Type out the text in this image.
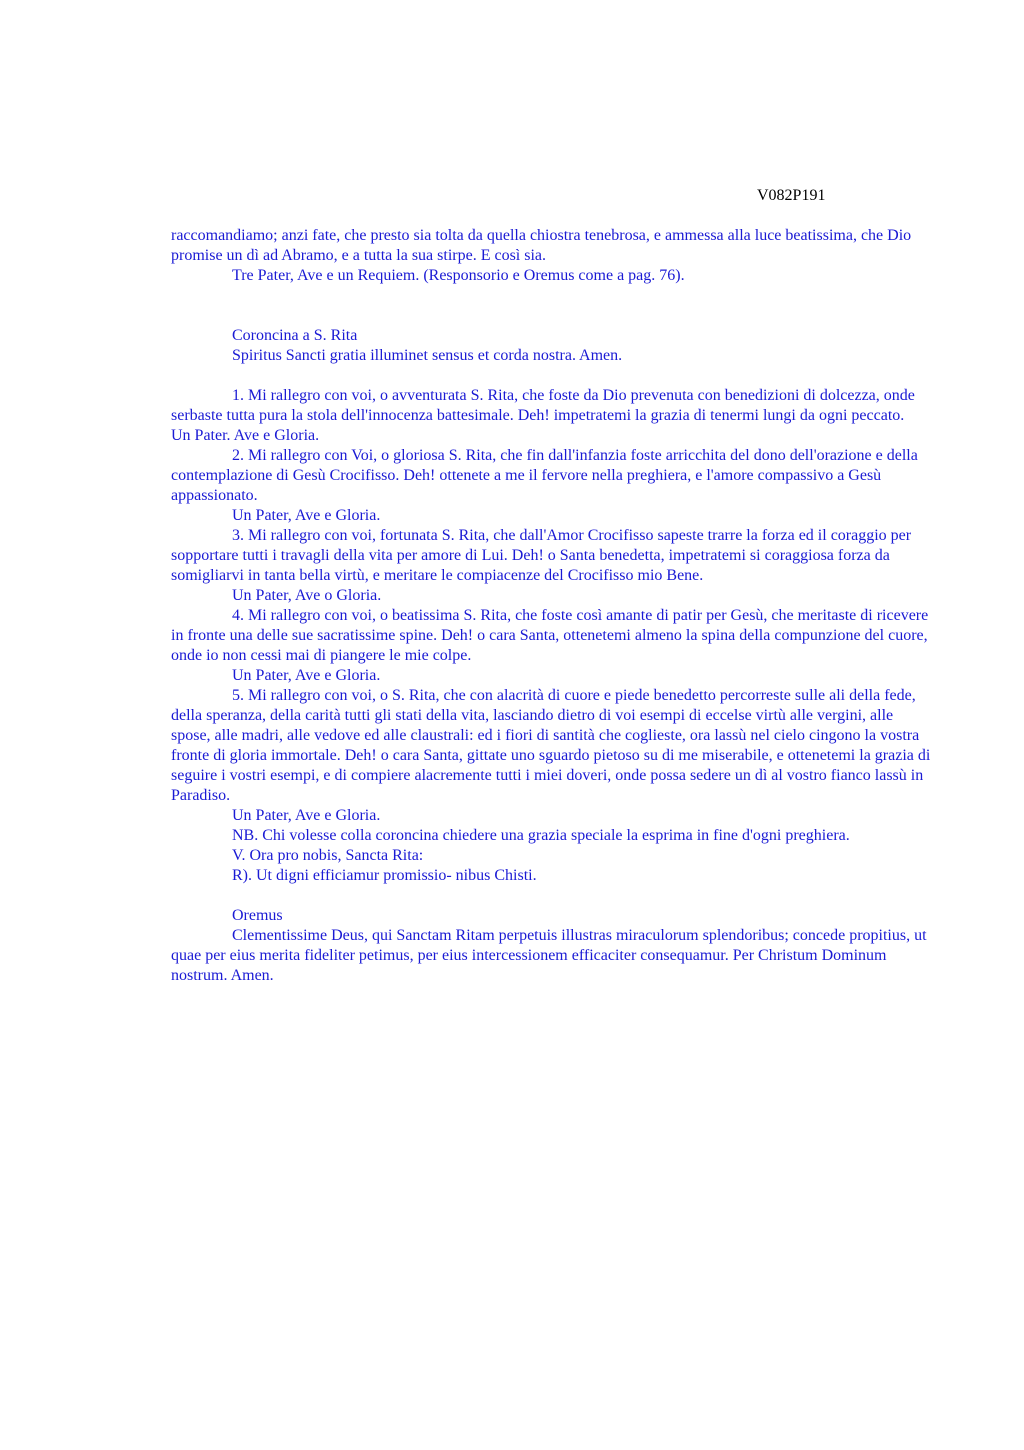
V082P191

raccomandiamo; anzi fate, che presto sia tolta da quella chiostra tenebrosa, e ammessa alla luce beatissima, che Dio promise un dì ad Abramo, e a tutta la sua stirpe. E così sia.

Tre Pater, Ave e un Requiem. (Responsorio e Oremus come a pag. 76).

Coroncina a S. Rita

Spiritus Sancti gratia illuminet sensus et corda nostra. Amen.

1. Mi rallegro con voi, o avventurata S. Rita, che foste da Dio prevenuta con benedizioni di dolcezza, onde serbaste tutta pura la stola dell'innocenza battesimale. Deh! impetratemi la grazia di tenermi lungi da ogni peccato.

Un Pater. Ave e Gloria.

2. Mi rallegro con Voi, o gloriosa S. Rita, che fin dall'infanzia foste arricchita del dono dell'orazione e della contemplazione di Gesù Crocifisso. Deh! ottenete a me il fervore nella preghiera, e l'amore compassivo a Gesù appassionato.

Un Pater, Ave e Gloria.

3. Mi rallegro con voi, fortunata S. Rita, che dall'Amor Crocifisso sapeste trarre la forza ed il coraggio per sopportare tutti i travagli della vita per amore di Lui. Deh! o Santa benedetta, impetratemi si coraggiosa forza da somigliarvi in tanta bella virtù, e meritare le compiacenze del Crocifisso mio Bene.

Un Pater, Ave o Gloria.

4. Mi rallegro con voi, o beatissima S. Rita, che foste così amante di patir per Gesù, che meritaste di ricevere in fronte una delle sue sacratissime spine. Deh! o cara Santa, ottenetemi almeno la spina della compunzione del cuore, onde io non cessi mai di piangere le mie colpe.

Un Pater, Ave e Gloria.

5. Mi rallegro con voi, o S. Rita, che con alacrità di cuore e piede benedetto percorreste sulle ali della fede, della speranza, della carità tutti gli stati della vita, lasciando dietro di voi esempi di eccelse virtù alle vergini, alle spose, alle madri, alle vedove ed alle claustrali: ed i fiori di santità che coglieste, ora lassù nel cielo cingono la vostra fronte di gloria immortale. Deh! o cara Santa, gittate uno sguardo pietoso su di me miserabile, e ottenetemi la grazia di seguire i vostri esempi, e di compiere alacremente tutti i miei doveri, onde possa sedere un dì al vostro fianco lassù in Paradiso.

Un Pater, Ave e Gloria.

NB. Chi volesse colla coroncina chiedere una grazia speciale la esprima in fine d'ogni preghiera.

V. Ora pro nobis, Sancta Rita:

R). Ut digni efficiamur promissio- nibus Chisti.

Oremus

Clementissime Deus, qui Sanctam Ritam perpetuis illustras miraculorum splendoribus; concede propitius, ut quae per eius merita fideliter petimus, per eius intercessionem efficaciter consequamur. Per Christum Dominum nostrum. Amen.
